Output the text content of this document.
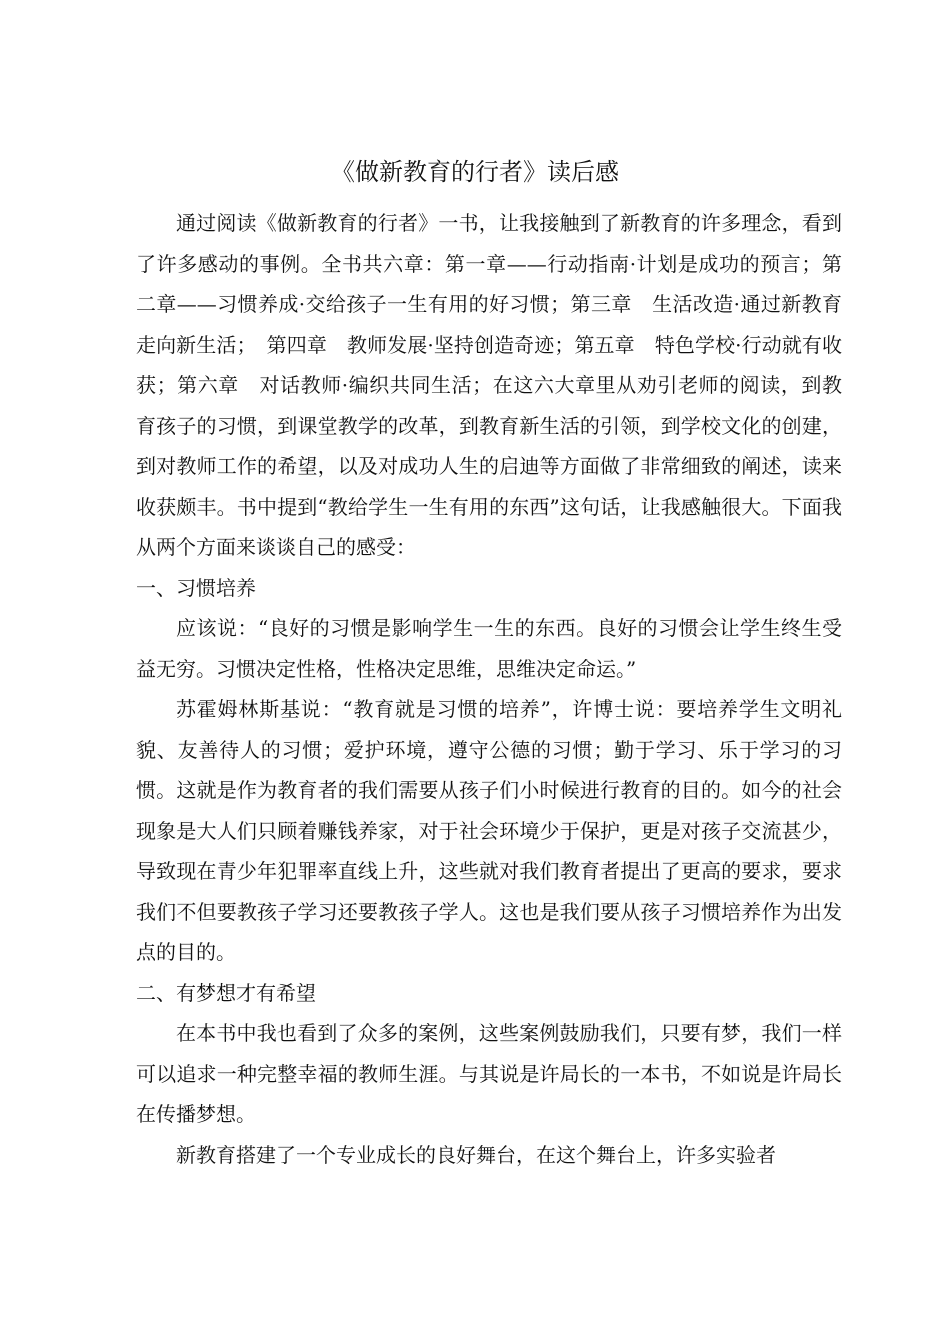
《做新教育的行者》读后感

通过阅读《做新教育的行者》一书，让我接触到了新教育的许多理念，看到了许多感动的事例。全书共六章：第一章——行动指南·计划是成功的预言；第二章——习惯养成·交给孩子一生有用的好习惯；第三章　生活改造·通过新教育走向新生活；　第四章　教师发展·坚持创造奇迹；第五章　特色学校·行动就有收获；第六章　对话教师·编织共同生活；在这六大章里从劝引老师的阅读，到教育孩子的习惯，到课堂教学的改革，到教育新生活的引领，到学校文化的创建，到对教师工作的希望，以及对成功人生的启迪等方面做了非常细致的阐述，读来收获颇丰。书中提到“教给学生一生有用的东西”这句话，让我感触很大。下面我从两个方面来谈谈自己的感受：

一、习惯培养

应该说：“良好的习惯是影响学生一生的东西。良好的习惯会让学生终生受益无穷。习惯决定性格，性格决定思维，思维决定命运。”

苏霍姆林斯基说：“教育就是习惯的培养”，许博士说：要培养学生文明礼貌、友善待人的习惯；爱护环境，遵守公德的习惯；勤于学习、乐于学习的习惯。这就是作为教育者的我们需要从孩子们小时候进行教育的目的。如今的社会现象是大人们只顾着赚钱养家，对于社会环境少于保护，更是对孩子交流甚少，导致现在青少年犯罪率直线上升，这些就对我们教育者提出了更高的要求，要求我们不但要教孩子学习还要教孩子学人。这也是我们要从孩子习惯培养作为出发点的目的。

二、有梦想才有希望

在本书中我也看到了众多的案例，这些案例鼓励我们，只要有梦，我们一样可以追求一种完整幸福的教师生涯。与其说是许局长的一本书，不如说是许局长在传播梦想。

新教育搭建了一个专业成长的良好舞台，在这个舞台上，许多实验者
